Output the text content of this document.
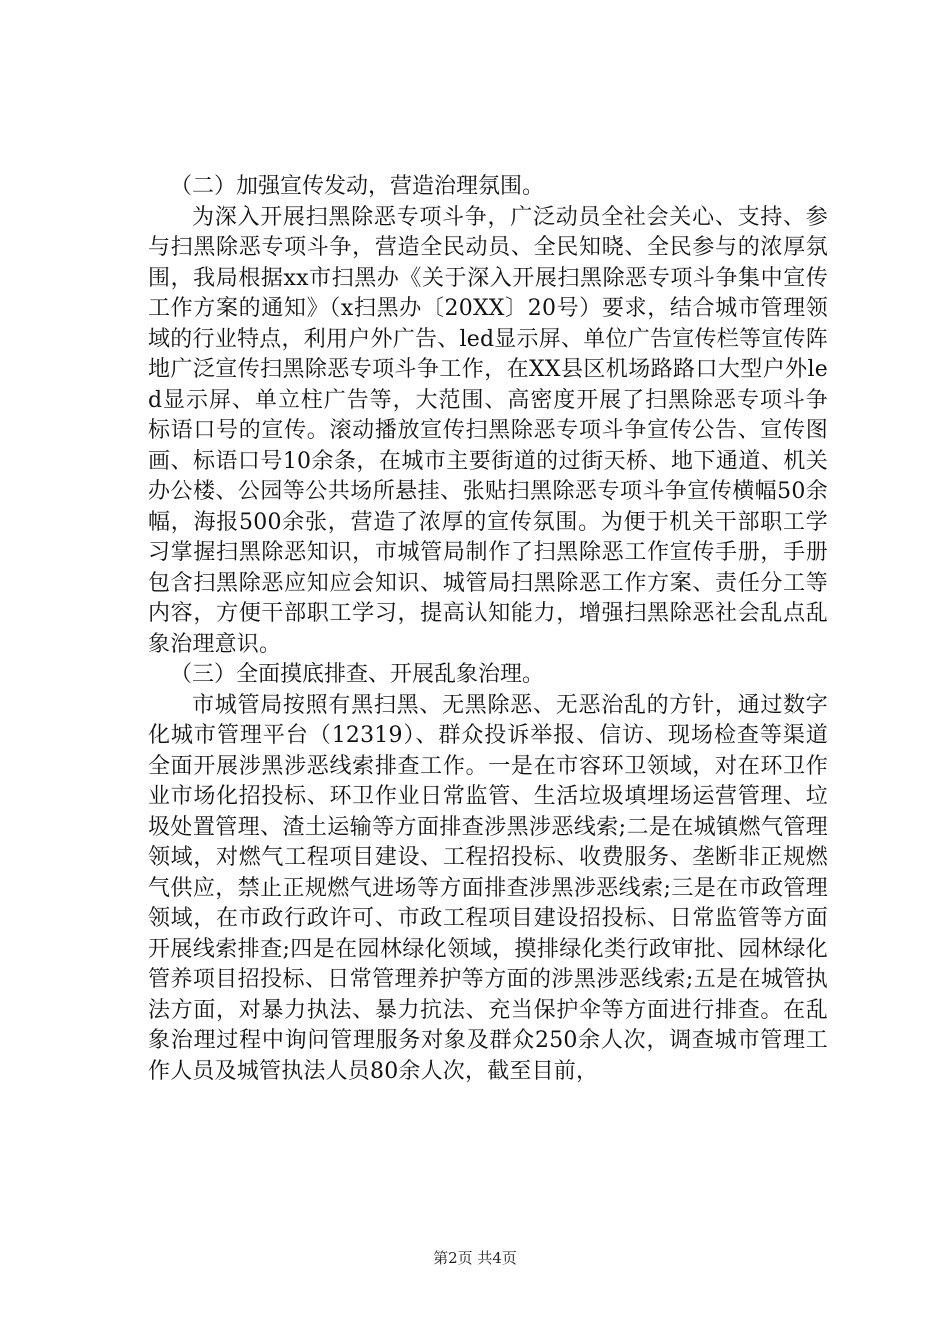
（二）加强宣传发动，营造治理氛围。

为深入开展扫黑除恶专项斗争，广泛动员全社会关心、支持、参与扫黑除恶专项斗争，营造全民动员、全民知晓、全民参与的浓厚氛围，我局根据xx市扫黑办《关于深入开展扫黑除恶专项斗争集中宣传工作方案的通知》（x扫黑办〔20XX〕20号）要求，结合城市管理领域的行业特点，利用户外广告、led显示屏、单位广告宣传栏等宣传阵地广泛宣传扫黑除恶专项斗争工作，在XX县区机场路路口大型户外led显示屏、单立柱广告等，大范围、高密度开展了扫黑除恶专项斗争标语口号的宣传。滚动播放宣传扫黑除恶专项斗争宣传公告、宣传图画、标语口号10余条，在城市主要街道的过街天桥、地下通道、机关办公楼、公园等公共场所悬挂、张贴扫黑除恶专项斗争宣传横幅50余幅，海报500余张，营造了浓厚的宣传氛围。为便于机关干部职工学习掌握扫黑除恶知识，市城管局制作了扫黑除恶工作宣传手册，手册包含扫黑除恶应知应会知识、城管局扫黑除恶工作方案、责任分工等内容，方便干部职工学习，提高认知能力，增强扫黑除恶社会乱点乱象治理意识。

（三）全面摸底排查、开展乱象治理。

市城管局按照有黑扫黑、无黑除恶、无恶治乱的方针，通过数字化城市管理平台（12319）、群众投诉举报、信访、现场检查等渠道全面开展涉黑涉恶线索排查工作。一是在市容环卫领域，对在环卫作业市场化招投标、环卫作业日常监管、生活垃圾填埋场运营管理、垃圾处置管理、渣土运输等方面排查涉黑涉恶线索;二是在城镇燃气管理领域，对燃气工程项目建设、工程招投标、收费服务、垄断非正规燃气供应，禁止正规燃气进场等方面排查涉黑涉恶线索;三是在市政管理领域，在市政行政许可、市政工程项目建设招投标、日常监管等方面开展线索排查;四是在园林绿化领域，摸排绿化类行政审批、园林绿化管养项目招投标、日常管理养护等方面的涉黑涉恶线索;五是在城管执法方面，对暴力执法、暴力抗法、充当保护伞等方面进行排查。在乱象治理过程中询问管理服务对象及群众250余人次，调查城市管理工作人员及城管执法人员80余人次，截至目前，

第2页 共4页
